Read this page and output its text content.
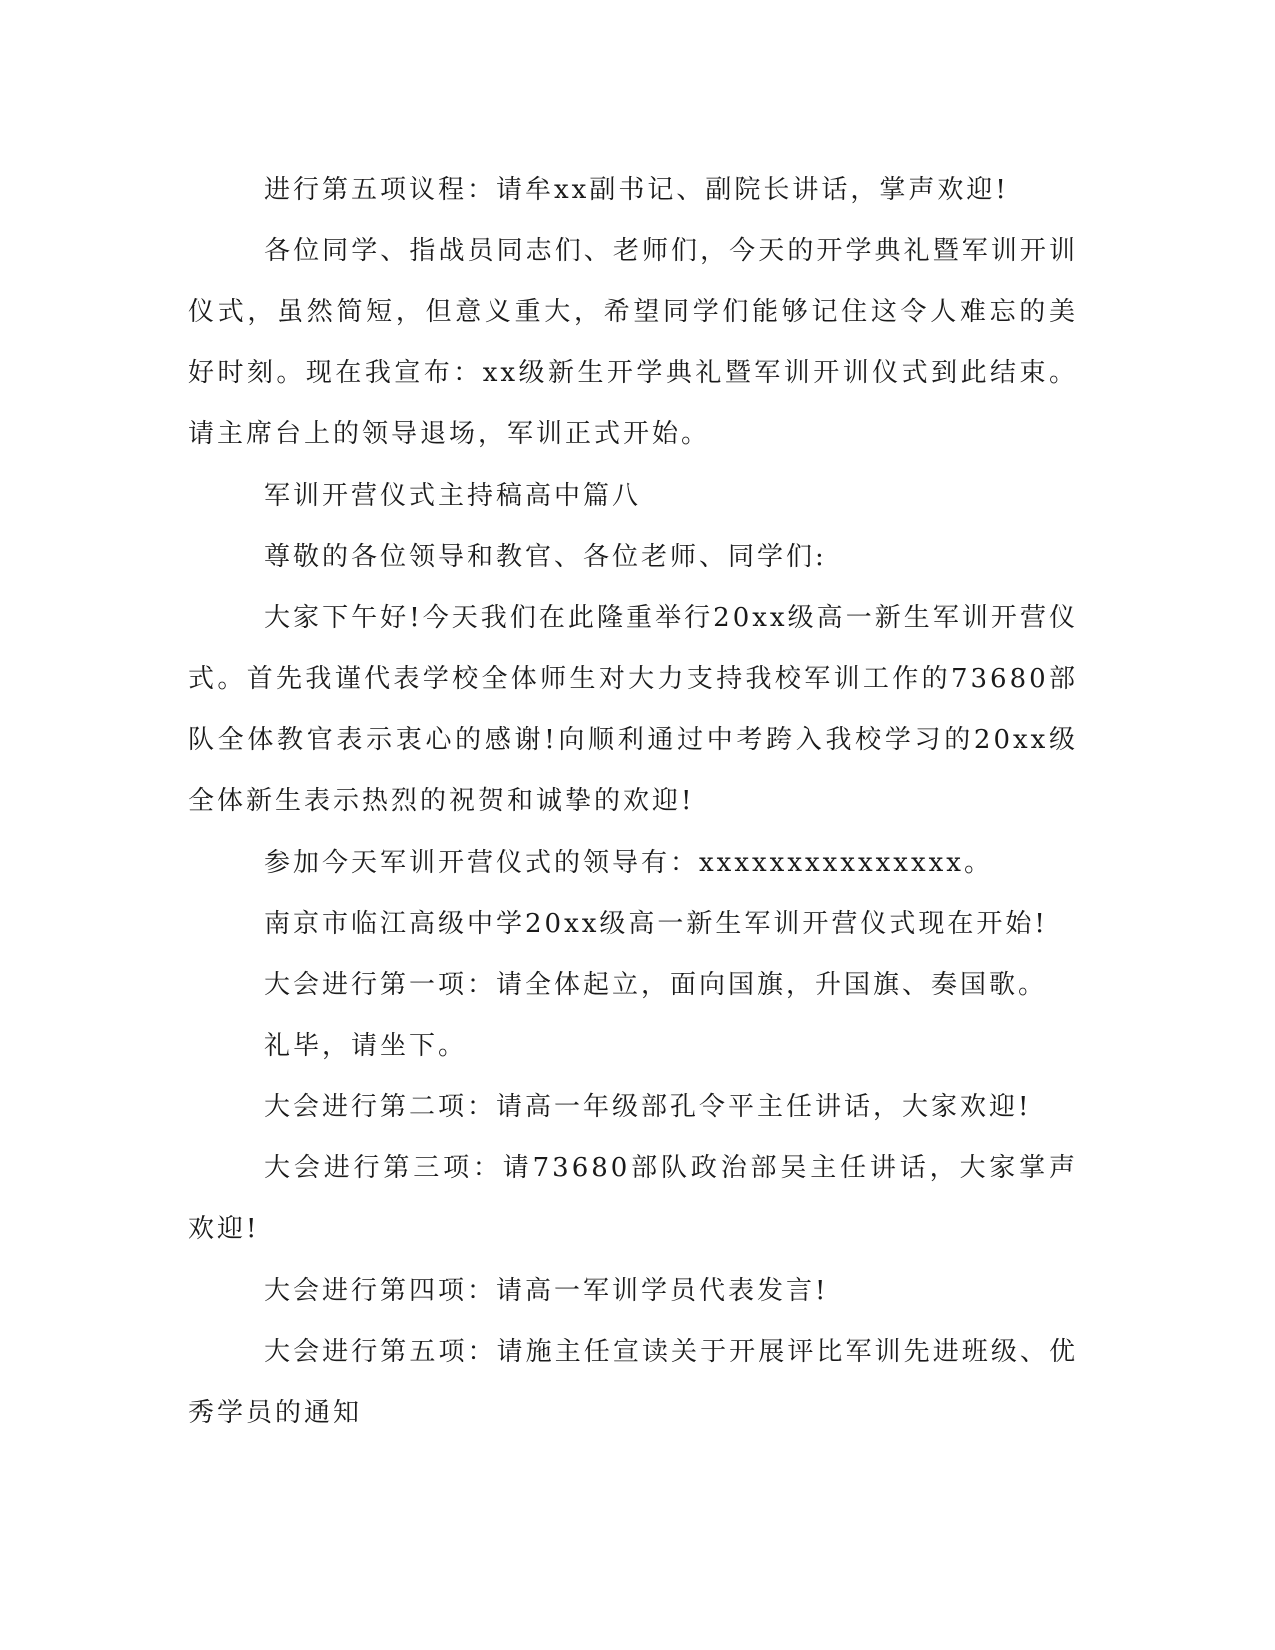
进行第五项议程：请牟xx副书记、副院长讲话，掌声欢迎!

各位同学、指战员同志们、老师们，今天的开学典礼暨军训开训仪式，虽然简短，但意义重大，希望同学们能够记住这令人难忘的美好时刻。现在我宣布：xx级新生开学典礼暨军训开训仪式到此结束。请主席台上的领导退场，军训正式开始。

军训开营仪式主持稿高中篇八

尊敬的各位领导和教官、各位老师、同学们:

大家下午好!今天我们在此隆重举行20xx级高一新生军训开营仪式。首先我谨代表学校全体师生对大力支持我校军训工作的73680部队全体教官表示衷心的感谢!向顺利通过中考跨入我校学习的20xx级全体新生表示热烈的祝贺和诚挚的欢迎!

参加今天军训开营仪式的领导有：xxxxxxxxxxxxxxx。

南京市临江高级中学20xx级高一新生军训开营仪式现在开始!

大会进行第一项：请全体起立，面向国旗，升国旗、奏国歌。

礼毕，请坐下。

大会进行第二项：请高一年级部孔令平主任讲话，大家欢迎!

大会进行第三项：请73680部队政治部吴主任讲话，大家掌声欢迎!

大会进行第四项：请高一军训学员代表发言!

大会进行第五项：请施主任宣读关于开展评比军训先进班级、优秀学员的通知
